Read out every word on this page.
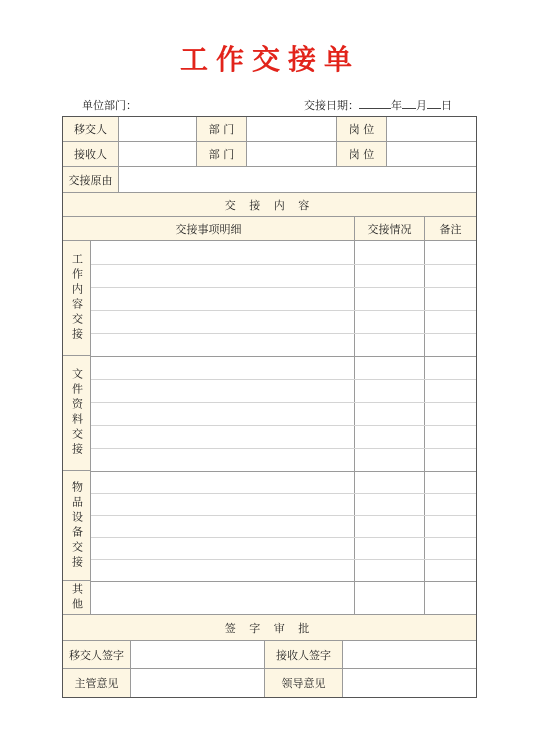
工作交接单
单位部门：	交接日期：	年 月 日
移交人	部 门	岗 位
接收人	部 门	岗 位
交接原由
交 接 内 容
交接事项明细	交接情况	备注
工作内容交接
文件资料交接
物品设备交接
其他
签 字 审 批
移交人签字	接收人签字
主管意见	领导意见
